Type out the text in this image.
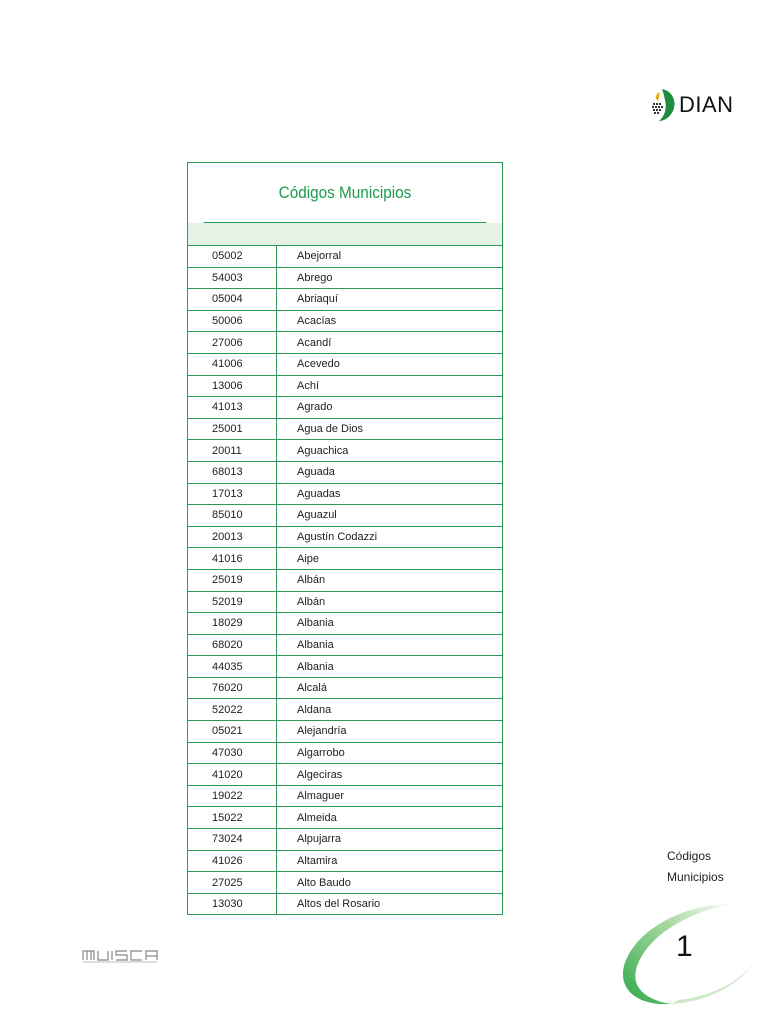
DIAN
Códigos Municipios
05002	Abejorral
54003	Abrego
05004	Abriaquí
50006	Acacías
27006	Acandí
41006	Acevedo
13006	Achí
41013	Agrado
25001	Agua de Dios
20011	Aguachica
68013	Aguada
17013	Aguadas
85010	Aguazul
20013	Agustín Codazzi
41016	Aipe
25019	Albán
52019	Albán
18029	Albania
68020	Albania
44035	Albania
76020	Alcalá
52022	Aldana
05021	Alejandría
47030	Algarrobo
41020	Algeciras
19022	Almaguer
15022	Almeida
73024	Alpujarra
41026	Altamira
27025	Alto Baudo
13030	Altos del Rosario
Códigos
Municipios
1
